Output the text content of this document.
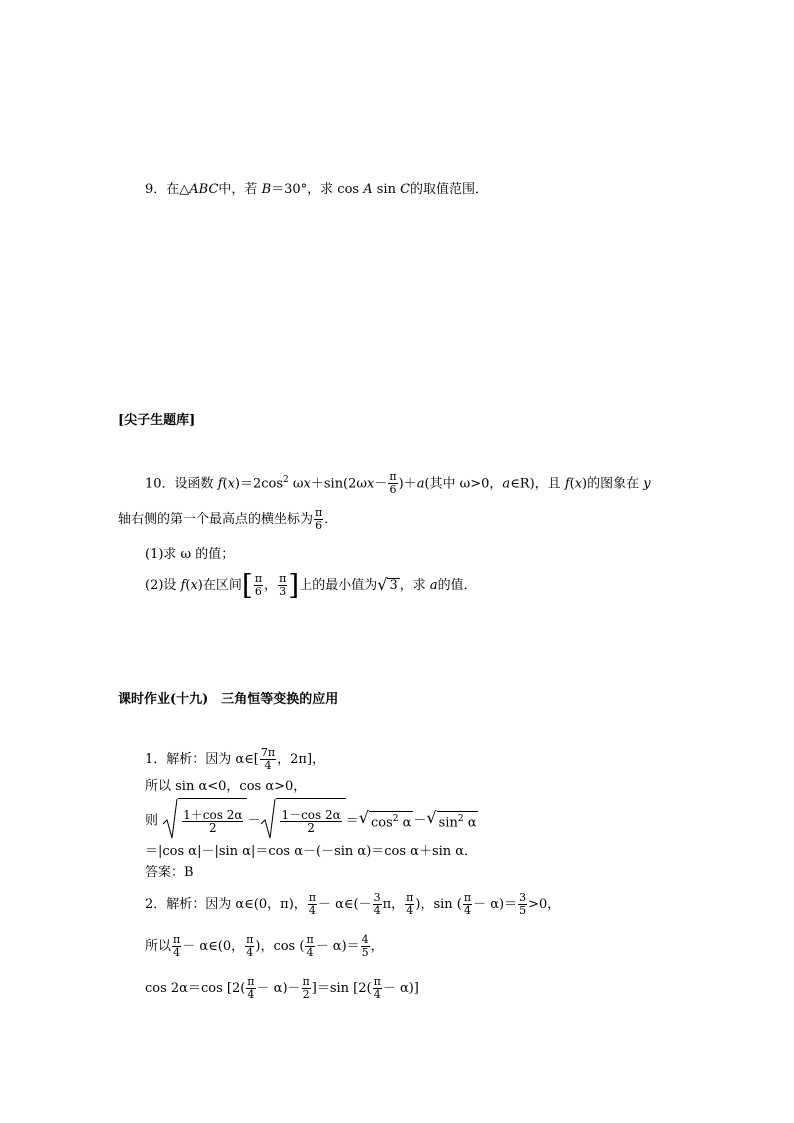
9．在△ABC中，若 B＝30°，求 cos A sin C的取值范围．
[尖子生题库]
10．设函数 $f(x)=2\cos^2$ $\omega x+\sin(2\omega x- \frac{\pi}{6} )+a$(其中 ω>0，a∈R)，且 f(x)的图象在 y
轴右侧的第一个最高点的横坐标为 $\frac{\pi}{6}$ ．
(1)求 ω 的值；
(2)设 f(x)在区间[ $\frac{\pi}{6}$ ， $\frac{\pi}{3}$ ]上的最小值为 √ 3 ，求 a的值．
课时作业(十九)　三角恒等变换的应用
1．解析：因为 α∈[ $\frac{7\pi}{4}$ ，2π]，
所以 sin α<0，cos α>0，
则 $\frac{1+\cos 2\alpha}{2} - \frac{1-\cos 2\alpha}{2}$ ＝ √ $\cos^2 \alpha$ － √ $\sin^2 \alpha$
＝|cos α|－|sin α|＝cos α－(－sin α)＝cos α＋sin α．
答案：B
2．解析：因为 α∈(0，π)， $\frac{\pi}{4}$ － α∈(－ $\frac{3}{4}$ π， $\frac{\pi}{4}$ )，sin ( $\frac{\pi}{4} - \alpha)= \frac{3}{5} >0$，
所以 $\frac{\pi}{4}$ － α∈(0， $\frac{\pi}{4}$ )，cos ( $\frac{\pi}{4} - \alpha)= \frac{4}{5}$ ，
cos 2α＝cos $[2( \frac{\pi}{4} - \alpha)- \frac{\pi}{2} ]=\sin$ $[2( \frac{\pi}{4} - \alpha)]$
